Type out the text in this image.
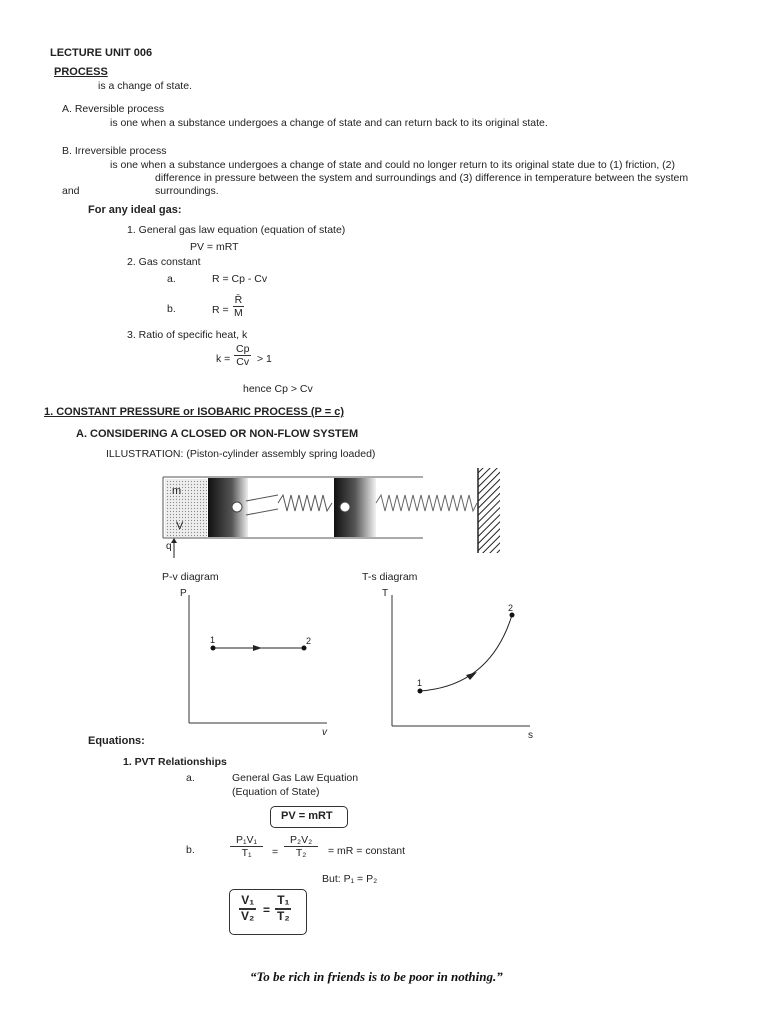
LECTURE UNIT 006
PROCESS
is a change of state.
A. Reversible process
is one when a substance undergoes a change of state and can return back to its original state.
B. Irreversible process
is one when a substance undergoes a change of state and could no longer return to its original state due to (1) friction, (2)
difference in pressure between the system and surroundings and (3) difference in temperature between the system
and	surroundings.
For any ideal gas:
1. General gas law equation (equation of state)
PV = mRT
2. Gas constant
a.	R = Cp - Cv
b.	$R = \frac{R̄}{M}$
3. Ratio of specific heat, k
$k = \frac{Cp}{Cv} > 1$
hence Cp > Cv
1. CONSTANT PRESSURE or ISOBARIC PROCESS (P = c)
A. CONSIDERING A CLOSED OR NON-FLOW SYSTEM
ILLUSTRATION: (Piston-cylinder assembly spring loaded)
m
V
q
P-v diagram
P
v
1	2
T-s diagram
T
s
1
2
Equations:
1. PVT Relationships
a.	General Gas Law Equation
(Equation of State)
PV = mRT
b.	$\frac{\text{P₁V₁}}{\text{T₁}} = \frac{\text{P₂V₂}}{\text{T₂}}$ = mR = constant
But: P₁ = P₂
$\frac{\text{V₁}}{\text{V₂}} = \frac{\text{T₁}}{\text{T₂}}$
“To be rich in friends is to be poor in nothing.”
